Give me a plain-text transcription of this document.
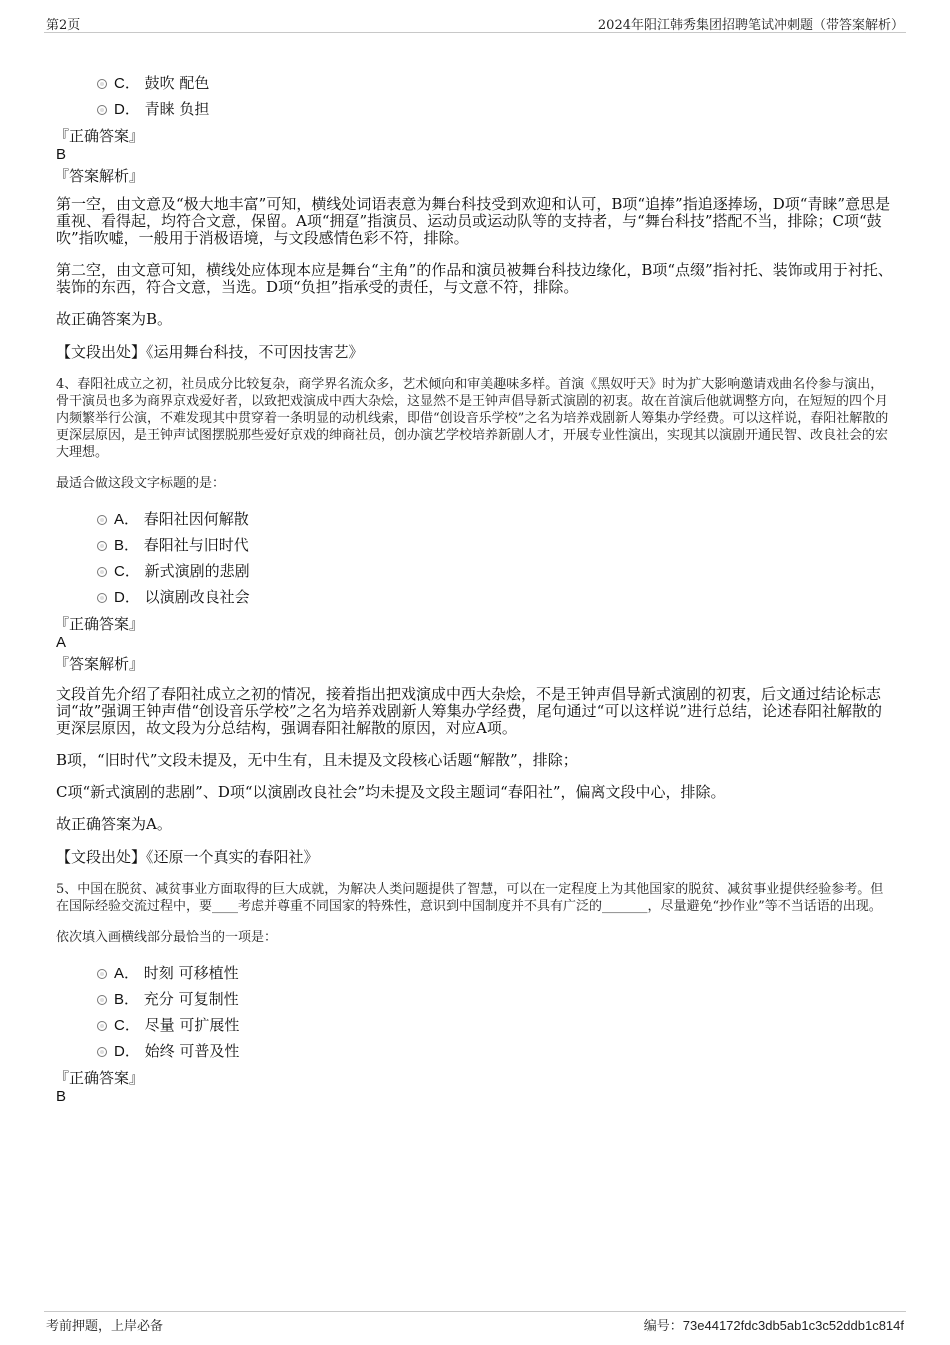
第2页	2024年阳江韩秀集团招聘笔试冲刺题（带答案解析）
C． 鼓吹 配色
D． 青睐 负担
『正确答案』
B
『答案解析』

第一空，由文意及“极大地丰富”可知，横线处词语表意为舞台科技受到欢迎和认可，B项“追捧”指追逐捧场，D项“青睐”意思是重视、看得起，均符合文意，保留。A项“拥趸”指演员、运动员或运动队等的支持者，与“舞台科技”搭配不当，排除；C项“鼓吹”指吹嘘，一般用于消极语境，与文段感情色彩不符，排除。

第二空，由文意可知，横线处应体现本应是舞台“主角”的作品和演员被舞台科技边缘化，B项“点缀”指衬托、装饰或用于衬托、装饰的东西，符合文意，当选。D项“负担”指承受的责任，与文意不符，排除。

故正确答案为B。

【文段出处】《运用舞台科技，不可因技害艺》

4、春阳社成立之初，社员成分比较复杂，商学界名流众多，艺术倾向和审美趣味多样。首演《黑奴吁天》时为扩大影响邀请戏曲名伶参与演出，骨干演员也多为商界京戏爱好者，以致把戏演成中西大杂烩，这显然不是王钟声倡导新式演剧的初衷。故在首演后他就调整方向，在短短的四个月内频繁举行公演，不难发现其中贯穿着一条明显的动机线索，即借“创设音乐学校”之名为培养戏剧新人筹集办学经费。可以这样说，春阳社解散的更深层原因，是王钟声试图摆脱那些爱好京戏的绅商社员，创办演艺学校培养新剧人才，开展专业性演出，实现其以演剧开通民智、改良社会的宏大理想。

最适合做这段文字标题的是：

A． 春阳社因何解散
B． 春阳社与旧时代
C． 新式演剧的悲剧
D． 以演剧改良社会
『正确答案』
A
『答案解析』

文段首先介绍了春阳社成立之初的情况，接着指出把戏演成中西大杂烩，不是王钟声倡导新式演剧的初衷，后文通过结论标志词“故”强调王钟声借“创设音乐学校”之名为培养戏剧新人筹集办学经费，尾句通过“可以这样说”进行总结，论述春阳社解散的更深层原因，故文段为分总结构，强调春阳社解散的原因，对应A项。

B项，“旧时代”文段未提及，无中生有，且未提及文段核心话题“解散”，排除；

C项“新式演剧的悲剧”、D项“以演剧改良社会”均未提及文段主题词“春阳社”，偏离文段中心，排除。

故正确答案为A。

【文段出处】《还原一个真实的春阳社》

5、中国在脱贫、减贫事业方面取得的巨大成就，为解决人类问题提供了智慧，可以在一定程度上为其他国家的脱贫、减贫事业提供经验参考。但在国际经验交流过程中，要____考虑并尊重不同国家的特殊性，意识到中国制度并不具有广泛的_______，尽量避免“抄作业”等不当话语的出现。

依次填入画横线部分最恰当的一项是：

A． 时刻 可移植性
B． 充分 可复制性
C． 尽量 可扩展性
D． 始终 可普及性
『正确答案』
B
考前押题，上岸必备	编号：73e44172fdc3db5ab1c3c52ddb1c814f
